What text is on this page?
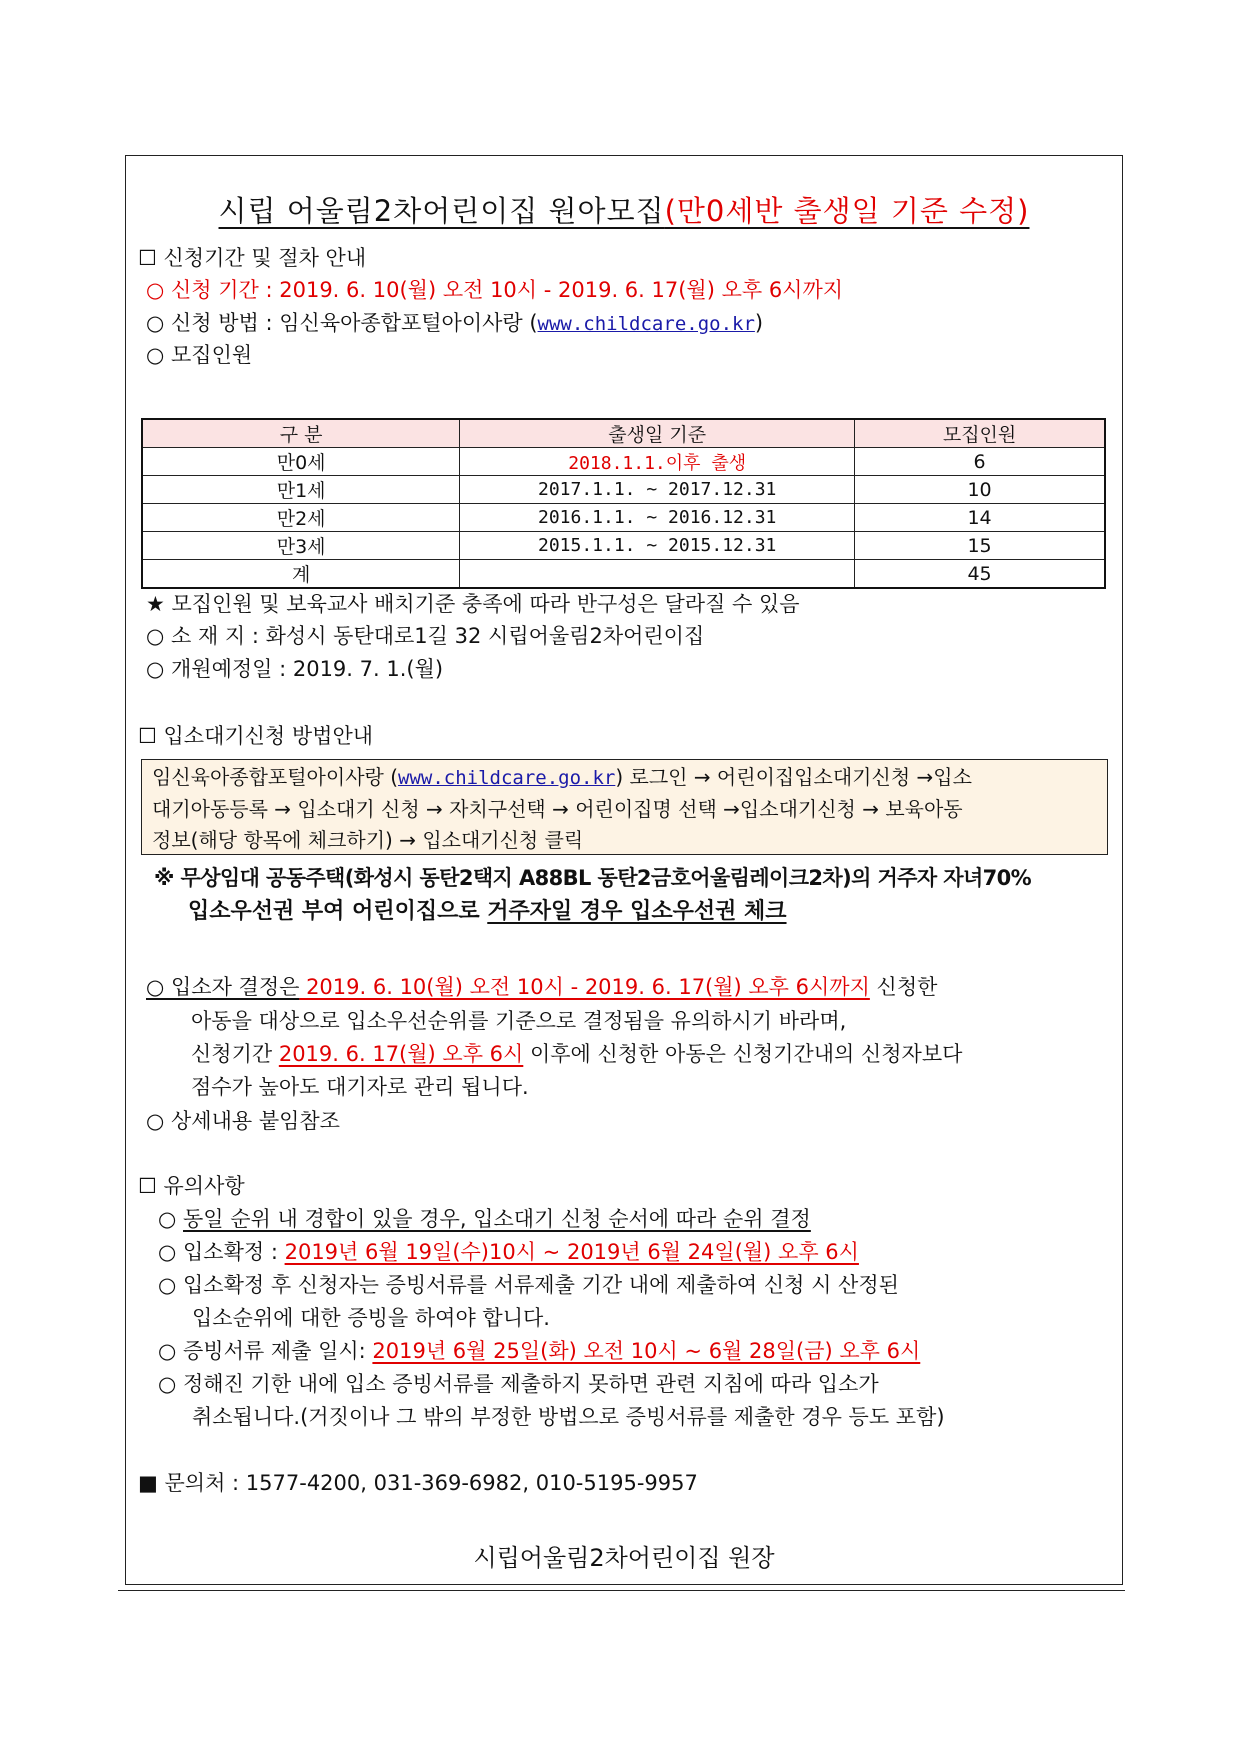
시립 어울림2차어린이집 원아모집(만0세반 출생일 기준 수정)
☐ 신청기간 및 절차 안내
○ 신청 기간 : 2019. 6. 10(월) 오전 10시 - 2019. 6. 17(월) 오후 6시까지
○ 신청 방법 : 임신육아종합포털아이사랑 (www.childcare.go.kr)
○ 모집인원
구 분	출생일 기준	모집인원
만0세	2018.1.1.이후 출생	6
만1세	2017.1.1. ~ 2017.12.31	10
만2세	2016.1.1. ~ 2016.12.31	14
만3세	2015.1.1. ~ 2015.12.31	15
계		45
★ 모집인원 및 보육교사 배치기준 충족에 따라 반구성은 달라질 수 있음
○ 소 재 지 : 화성시 동탄대로1길 32 시립어울림2차어린이집
○ 개원예정일 : 2019. 7. 1.(월)
☐ 입소대기신청 방법안내
임신육아종합포털아이사랑 (www.childcare.go.kr) 로그인 → 어린이집입소대기신청 →입소
대기아동등록 → 입소대기 신청 → 자치구선택 → 어린이집명 선택 →입소대기신청 → 보육아동
정보(해당 항목에 체크하기) → 입소대기신청 클릭
※ 무상임대 공동주택(화성시 동탄2택지 A88BL 동탄2금호어울림레이크2차)의 거주자 자녀70%
입소우선권 부여 어린이집으로 거주자일 경우 입소우선권 체크
○ 입소자 결정은 2019. 6. 10(월) 오전 10시 - 2019. 6. 17(월) 오후 6시까지 신청한
아동을 대상으로 입소우선순위를 기준으로 결정됨을 유의하시기 바라며,
신청기간 2019. 6. 17(월) 오후 6시 이후에 신청한 아동은 신청기간내의 신청자보다
점수가 높아도 대기자로 관리 됩니다.
○ 상세내용 붙임참조
☐ 유의사항
○ 동일 순위 내 경합이 있을 경우, 입소대기 신청 순서에 따라 순위 결정
○ 입소확정 : 2019년 6월 19일(수)10시 ~ 2019년 6월 24일(월) 오후 6시
○ 입소확정 후 신청자는 증빙서류를 서류제출 기간 내에 제출하여 신청 시 산정된
입소순위에 대한 증빙을 하여야 합니다.
○ 증빙서류 제출 일시: 2019년 6월 25일(화) 오전 10시 ~ 6월 28일(금) 오후 6시
○ 정해진 기한 내에 입소 증빙서류를 제출하지 못하면 관련 지침에 따라 입소가
취소됩니다.(거짓이나 그 밖의 부정한 방법으로 증빙서류를 제출한 경우 등도 포함)
■ 문의처 : 1577-4200, 031-369-6982, 010-5195-9957
시립어울림2차어린이집 원장
